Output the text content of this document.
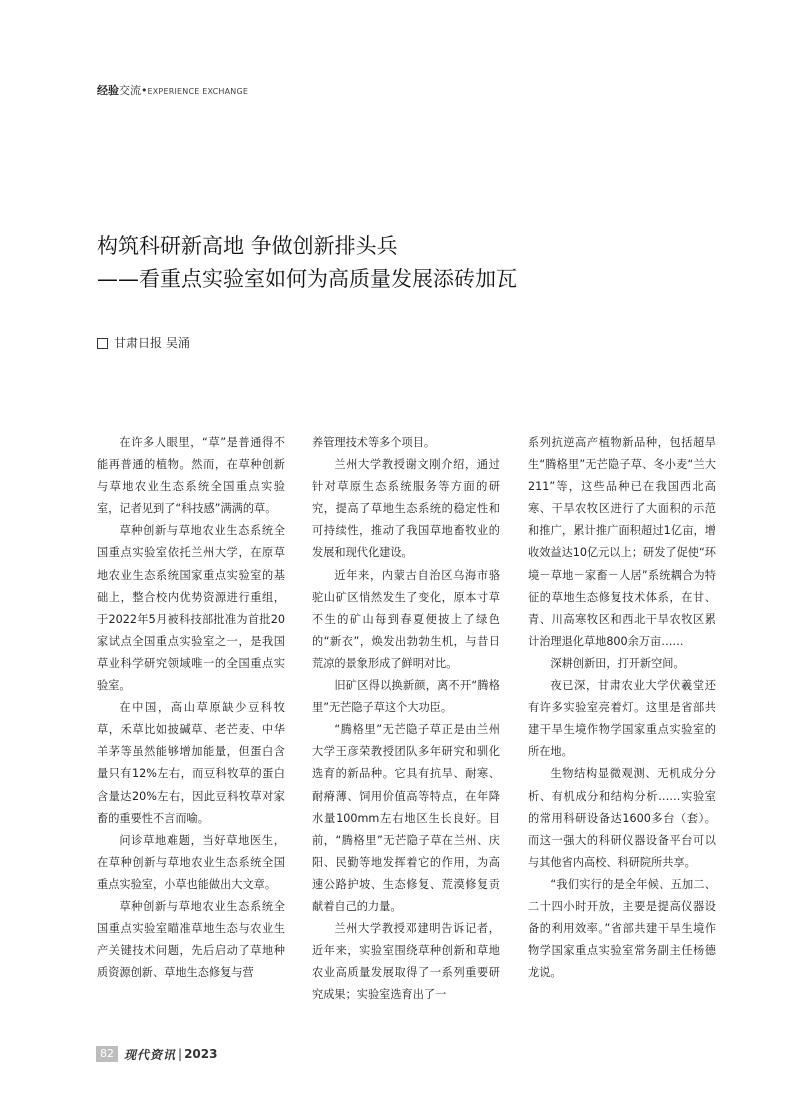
经验交流•EXPERIENCE EXCHANGE
构筑科研新高地 争做创新排头兵
——看重点实验室如何为高质量发展添砖加瓦
甘肃日报 吴涌

在许多人眼里，“草”是普通得不能再普通的植物。然而，在草种创新与草地农业生态系统全国重点实验室，记者见到了“科技感”满满的草。

草种创新与草地农业生态系统全国重点实验室依托兰州大学，在原草地农业生态系统国家重点实验室的基础上，整合校内优势资源进行重组，于2022年5月被科技部批准为首批20家试点全国重点实验室之一，是我国草业科学研究领域唯一的全国重点实验室。

在中国，高山草原缺少豆科牧草，禾草比如披碱草、老芒麦、中华羊茅等虽然能够增加能量，但蛋白含量只有12%左右，而豆科牧草的蛋白含量达20%左右，因此豆科牧草对家畜的重要性不言而喻。

问诊草地难题，当好草地医生，在草种创新与草地农业生态系统全国重点实验室，小草也能做出大文章。

草种创新与草地农业生态系统全国重点实验室瞄准草地生态与农业生产关键技术问题，先后启动了草地种质资源创新、草地生态修复与营

养管理技术等多个项目。

兰州大学教授谢文刚介绍，通过针对草原生态系统服务等方面的研究，提高了草地生态系统的稳定性和可持续性，推动了我国草地畜牧业的发展和现代化建设。

近年来，内蒙古自治区乌海市骆驼山矿区悄然发生了变化，原本寸草不生的矿山每到春夏便披上了绿色的“新衣”，焕发出勃勃生机，与昔日荒凉的景象形成了鲜明对比。

旧矿区得以换新颜，离不开“腾格里”无芒隐子草这个大功臣。

“腾格里”无芒隐子草正是由兰州大学王彦荣教授团队多年研究和驯化选育的新品种。它具有抗旱、耐寒、耐瘠薄、饲用价值高等特点，在年降水量100mm左右地区生长良好。目前，“腾格里”无芒隐子草在兰州、庆阳、民勤等地发挥着它的作用，为高速公路护坡、生态修复、荒漠修复贡献着自己的力量。

兰州大学教授邓建明告诉记者，近年来，实验室围绕草种创新和草地农业高质量发展取得了一系列重要研究成果；实验室选育出了一

系列抗逆高产植物新品种，包括超旱生“腾格里”无芒隐子草、冬小麦“兰大211”等，这些品种已在我国西北高寒、干旱农牧区进行了大面积的示范和推广，累计推广面积超过1亿亩，增收效益达10亿元以上；研发了促使“环境－草地－家畜－人居”系统耦合为特征的草地生态修复技术体系，在甘、青、川高寒牧区和西北干旱农牧区累计治理退化草地800余万亩……

深耕创新田，打开新空间。

夜已深，甘肃农业大学伏羲堂还有许多实验室亮着灯。这里是省部共建干旱生境作物学国家重点实验室的所在地。

生物结构显微观测、无机成分分析、有机成分和结构分析……实验室的常用科研设备达1600多台（套）。而这一强大的科研仪器设备平台可以与其他省内高校、科研院所共享。

“我们实行的是全年候、五加二、二十四小时开放，主要是提高仪器设备的利用效率。”省部共建干旱生境作物学国家重点实验室常务副主任杨德龙说。

82 现代资讯 | 2023
